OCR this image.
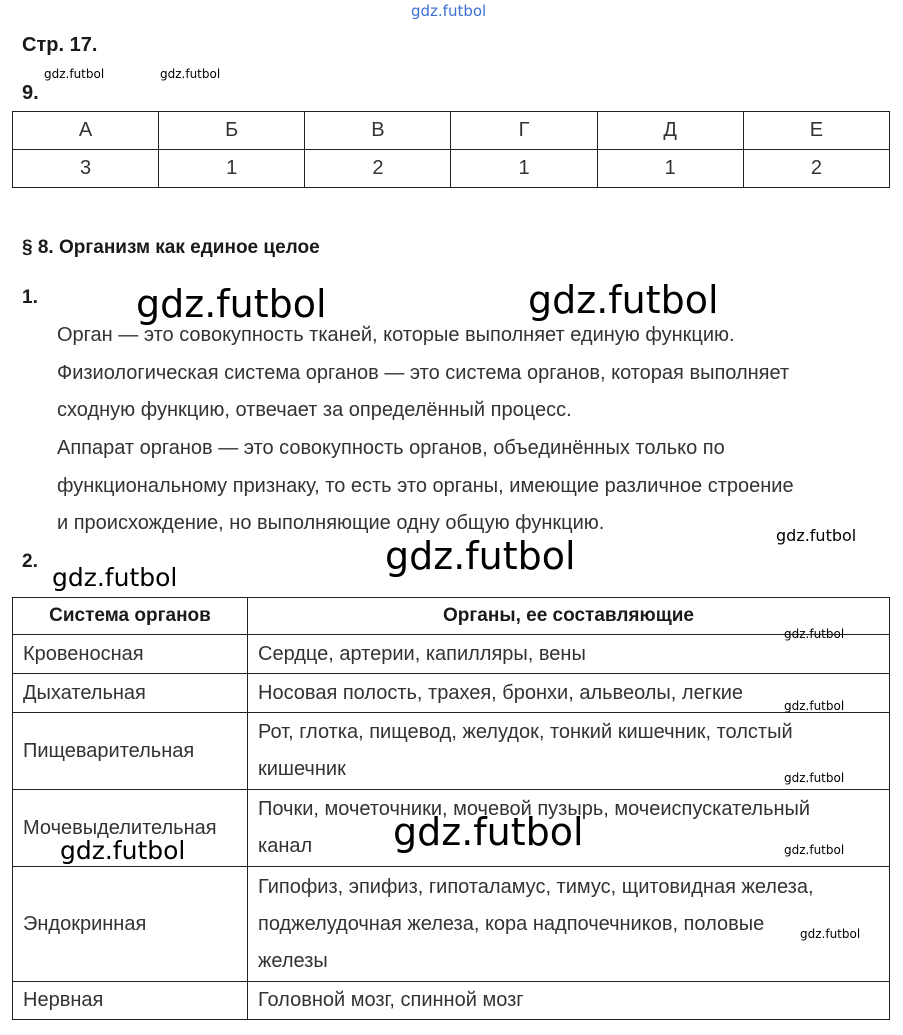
gdz.futbol
Стр. 17.
gdz.futbol	gdz.futbol
9.
А	Б	В	Г	Д	Е
3	1	2	1	1	2
§ 8. Организм как единое целое
1.	gdz.futbol	gdz.futbol
Орган — это совокупность тканей, которые выполняет единую функцию.
Физиологическая система органов — это система органов, которая выполняет
сходную функцию, отвечает за определённый процесс.
Аппарат органов — это совокупность органов, объединённых только по
функциональному признаку, то есть это органы, имеющие различное строение
и происхождение, но выполняющие одну общую функцию.
gdz.futbol
2.	gdz.futbol
gdz.futbol
Система органов	Органы, ее составляющие
Кровеносная	Сердце, артерии, капилляры, вены

Дыхательная	Носовая полость, трахея, бронхи, альвеолы, легкие

Пищеварительная	Рот, глотка, пищевод, желудок, тонкий кишечник, толстый
кишечник

Мочевыделительная	Почки, мочеточники, мочевой пузырь, мочеиспускательный
канал

Эндокринная	Гипофиз, эпифиз, гипоталамус, тимус, щитовидная железа,
поджелудочная железа, кора надпочечников, половые
железы

Нервная	Головной мозг, спинной мозг
gdz.futbol
gdz.futbol
gdz.futbol
gdz.futbol
gdz.futbol	gdz.futbol
gdz.futbol
